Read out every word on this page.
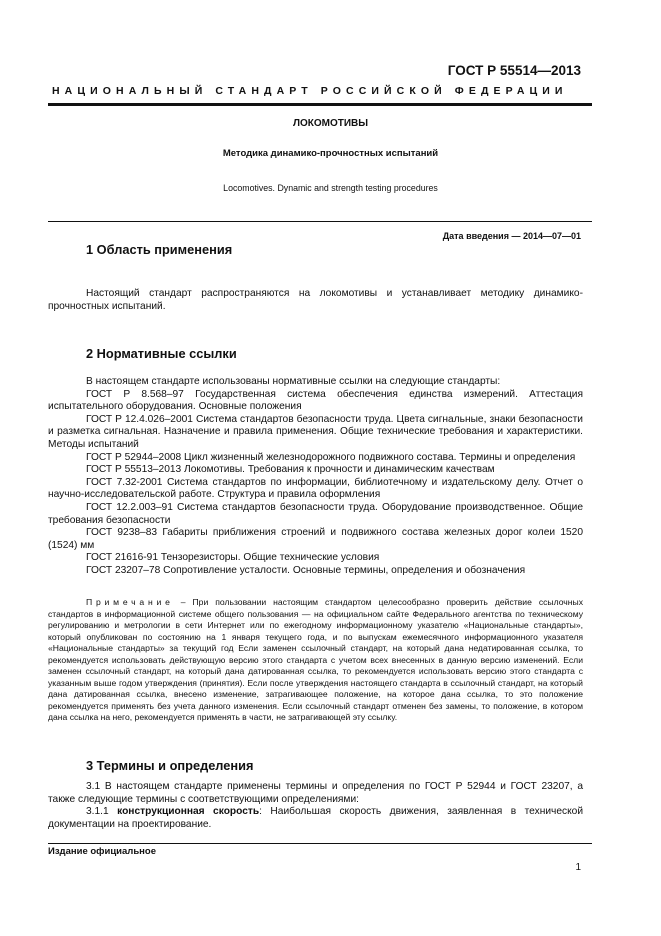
ГОСТ Р 55514—2013
НАЦИОНАЛЬНЫЙ СТАНДАРТ РОССИЙСКОЙ ФЕДЕРАЦИИ
ЛОКОМОТИВЫ
Методика динамико-прочностных испытаний
Locomotives. Dynamic and strength testing procedures
Дата введения — 2014—07—01
1 Область применения

Настоящий стандарт распространяются на локомотивы и устанавливает методику динамико-прочностных испытаний.

2 Нормативные ссылки
В настоящем стандарте использованы нормативные ссылки на следующие стандарты:
ГОСТ Р 8.568–97 Государственная система обеспечения единства измерений. Аттестация испытательного оборудования. Основные положения
ГОСТ Р 12.4.026–2001 Система стандартов безопасности труда. Цвета сигнальные, знаки безопасности и разметка сигнальная. Назначение и правила применения. Общие технические требования и характеристики. Методы испытаний
ГОСТ Р 52944–2008 Цикл жизненный железнодорожного подвижного состава. Термины и определения
ГОСТ Р 55513–2013 Локомотивы. Требования к прочности и динамическим качествам
ГОСТ 7.32-2001 Система стандартов по информации, библиотечному и издательскому делу. Отчет о научно-исследовательской работе. Структура и правила оформления
ГОСТ 12.2.003–91 Система стандартов безопасности труда. Оборудование производственное. Общие требования безопасности
ГОСТ 9238–83 Габариты приближения строений и подвижного состава железных дорог колеи 1520 (1524) мм
ГОСТ 21616-91 Тензорезисторы. Общие технические условия
ГОСТ 23207–78 Сопротивление усталости. Основные термины, определения и обозначения

Примечание – При пользовании настоящим стандартом целесообразно проверить действие ссылочных стандартов в информационной системе общего пользования — на официальном сайте Федерального агентства по техническому регулированию и метрологии в сети Интернет или по ежегодному информационному указателю «Национальные стандарты», который опубликован по состоянию на 1 января текущего года, и по выпускам ежемесячного информационного указателя «Национальные стандарты» за текущий год Если заменен ссылочный стандарт, на который дана недатированная ссылка, то рекомендуется использовать действующую версию этого стандарта с учетом всех внесенных в данную версию изменений. Если заменен ссылочный стандарт, на который дана датированная ссылка, то рекомендуется использовать версию этого стандарта с указанным выше годом утверждения (принятия). Если после утверждения настоящего стандарта в ссылочный стандарт, на который дана датированная ссылка, внесено изменение, затрагивающее положение, на которое дана ссылка, то это положение рекомендуется применять без учета данного изменения. Если ссылочный стандарт отменен без замены, то положение, в котором дана ссылка на него, рекомендуется применять в части, не затрагивающей эту ссылку.

3 Термины и определения

3.1 В настоящем стандарте применены термины и определения по ГОСТ Р 52944 и ГОСТ 23207, а также следующие термины с соответствующими определениями:

3.1.1 конструкционная скорость: Наибольшая скорость движения, заявленная в технической документации на проектирование.

Издание официальное
1
